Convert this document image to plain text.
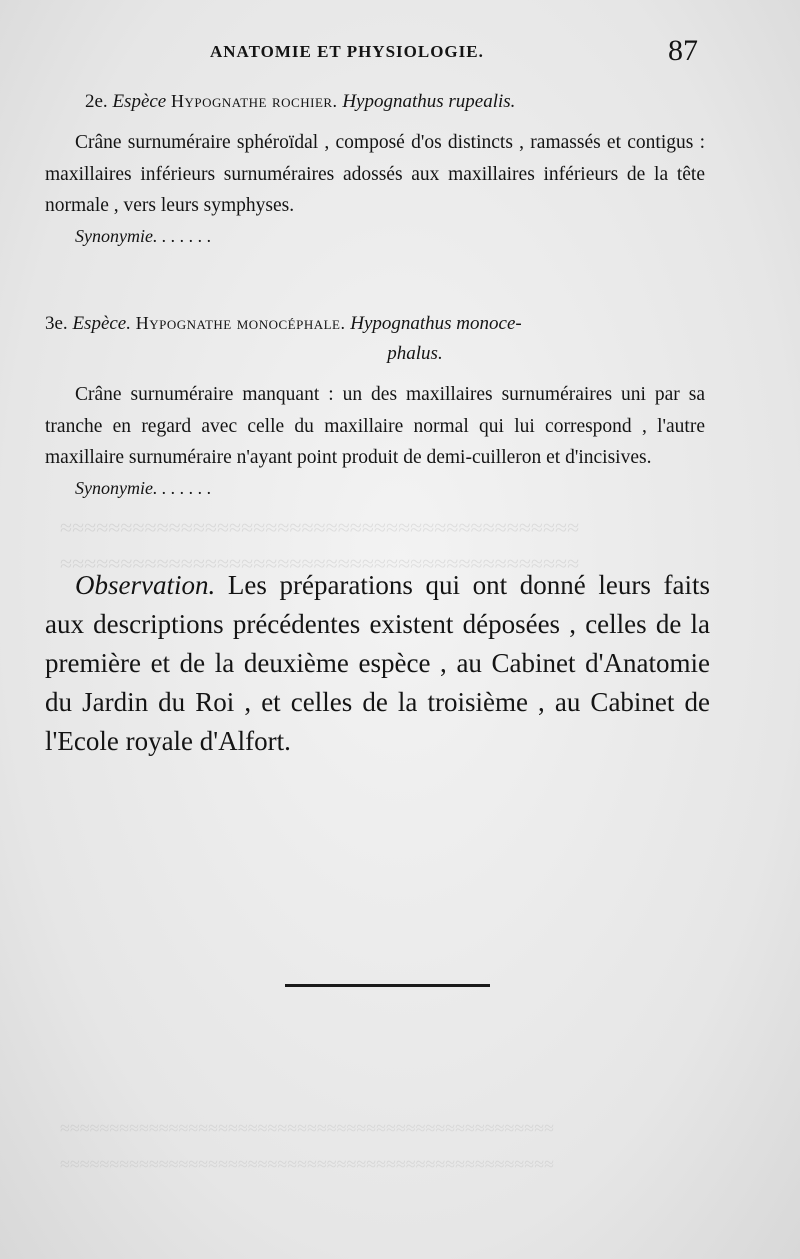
≈≈≈≈≈≈≈≈≈≈≈≈≈≈≈≈≈≈≈≈≈≈≈≈≈≈≈≈≈≈≈≈≈≈≈≈≈≈≈≈≈≈≈
≈≈≈≈≈≈≈≈≈≈≈≈≈≈≈≈≈≈≈≈≈≈≈≈≈≈≈≈≈≈≈≈≈≈≈≈≈≈≈≈≈≈≈
ANATOMIE ET PHYSIOLOGIE.	87
2e. Espèce Hypognathe rochier. Hypognathus rupealis.

Crâne surnuméraire sphéroïdal , composé d'os distincts , ramassés et contigus : maxillaires inférieurs surnuméraires adossés aux maxillaires inférieurs de la tête normale , vers leurs symphyses.

Synonymie. . . . . . .
3e. Espèce. Hypognathe monocéphale. Hypognathus monoce-
phalus.

Crâne surnuméraire manquant : un des maxillaires surnuméraires uni par sa tranche en regard avec celle du maxillaire normal qui lui correspond , l'autre maxillaire surnuméraire n'ayant point produit de demi-cuilleron et d'incisives.

Synonymie. . . . . . .
Observation. Les préparations qui ont donné leurs faits aux descriptions précédentes existent déposées , celles de la première et de la deuxième espèce , au Cabinet d'Anatomie du Jardin du Roi , et celles de la troisième , au Cabinet de l'Ecole royale d'Alfort.
≈≈≈≈≈≈≈≈≈≈≈≈≈≈≈≈≈≈≈≈≈≈≈≈≈≈≈≈≈≈≈≈≈≈≈≈≈≈≈≈≈≈≈≈≈≈≈≈≈≈
≈≈≈≈≈≈≈≈≈≈≈≈≈≈≈≈≈≈≈≈≈≈≈≈≈≈≈≈≈≈≈≈≈≈≈≈≈≈≈≈≈≈≈≈≈≈≈≈≈≈
